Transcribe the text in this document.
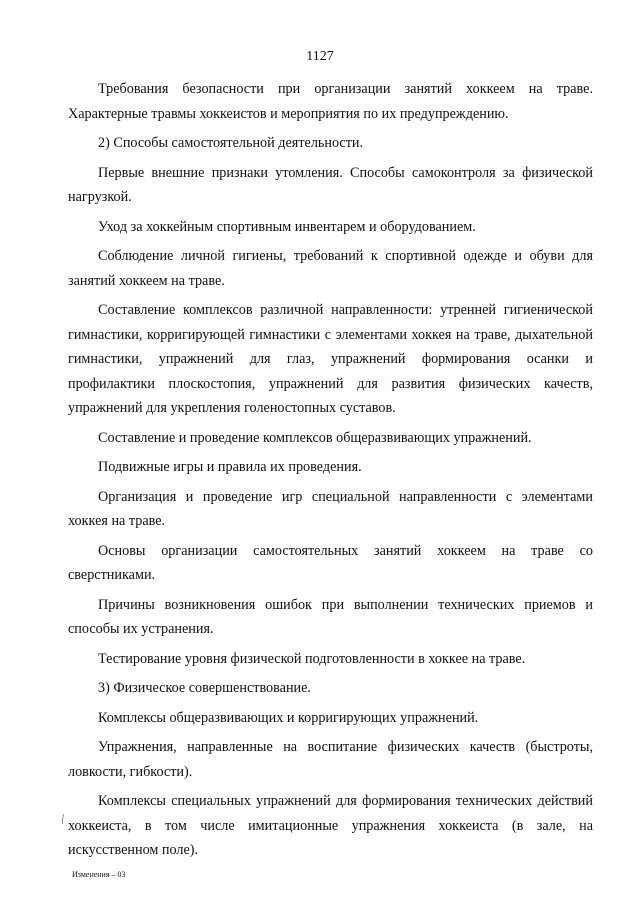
1127

Требования безопасности при организации занятий хоккеем на траве. Характерные травмы хоккеистов и мероприятия по их предупреждению.

2) Способы самостоятельной деятельности.

Первые внешние признаки утомления. Способы самоконтроля за физической нагрузкой.

Уход за хоккейным спортивным инвентарем и оборудованием.

Соблюдение личной гигиены, требований к спортивной одежде и обуви для занятий хоккеем на траве.

Составление комплексов различной направленности: утренней гигиенической гимнастики, корригирующей гимнастики с элементами хоккея на траве, дыхательной гимнастики, упражнений для глаз, упражнений формирования осанки и профилактики плоскостопия, упражнений для развития физических качеств, упражнений для укрепления голеностопных суставов.

Составление и проведение комплексов общеразвивающих упражнений.

Подвижные игры и правила их проведения.

Организация и проведение игр специальной направленности с элементами хоккея на траве.

Основы организации самостоятельных занятий хоккеем на траве со сверстниками.

Причины возникновения ошибок при выполнении технических приемов и способы их устранения.

Тестирование уровня физической подготовленности в хоккее на траве.

3) Физическое совершенствование.

Комплексы общеразвивающих и корригирующих упражнений.

Упражнения, направленные на воспитание физических качеств (быстроты, ловкости, гибкости).

Комплексы специальных упражнений для формирования технических действий хоккеиста, в том числе имитационные упражнения хоккеиста (в зале, на искусственном поле).

⁄
Изменения – 03
